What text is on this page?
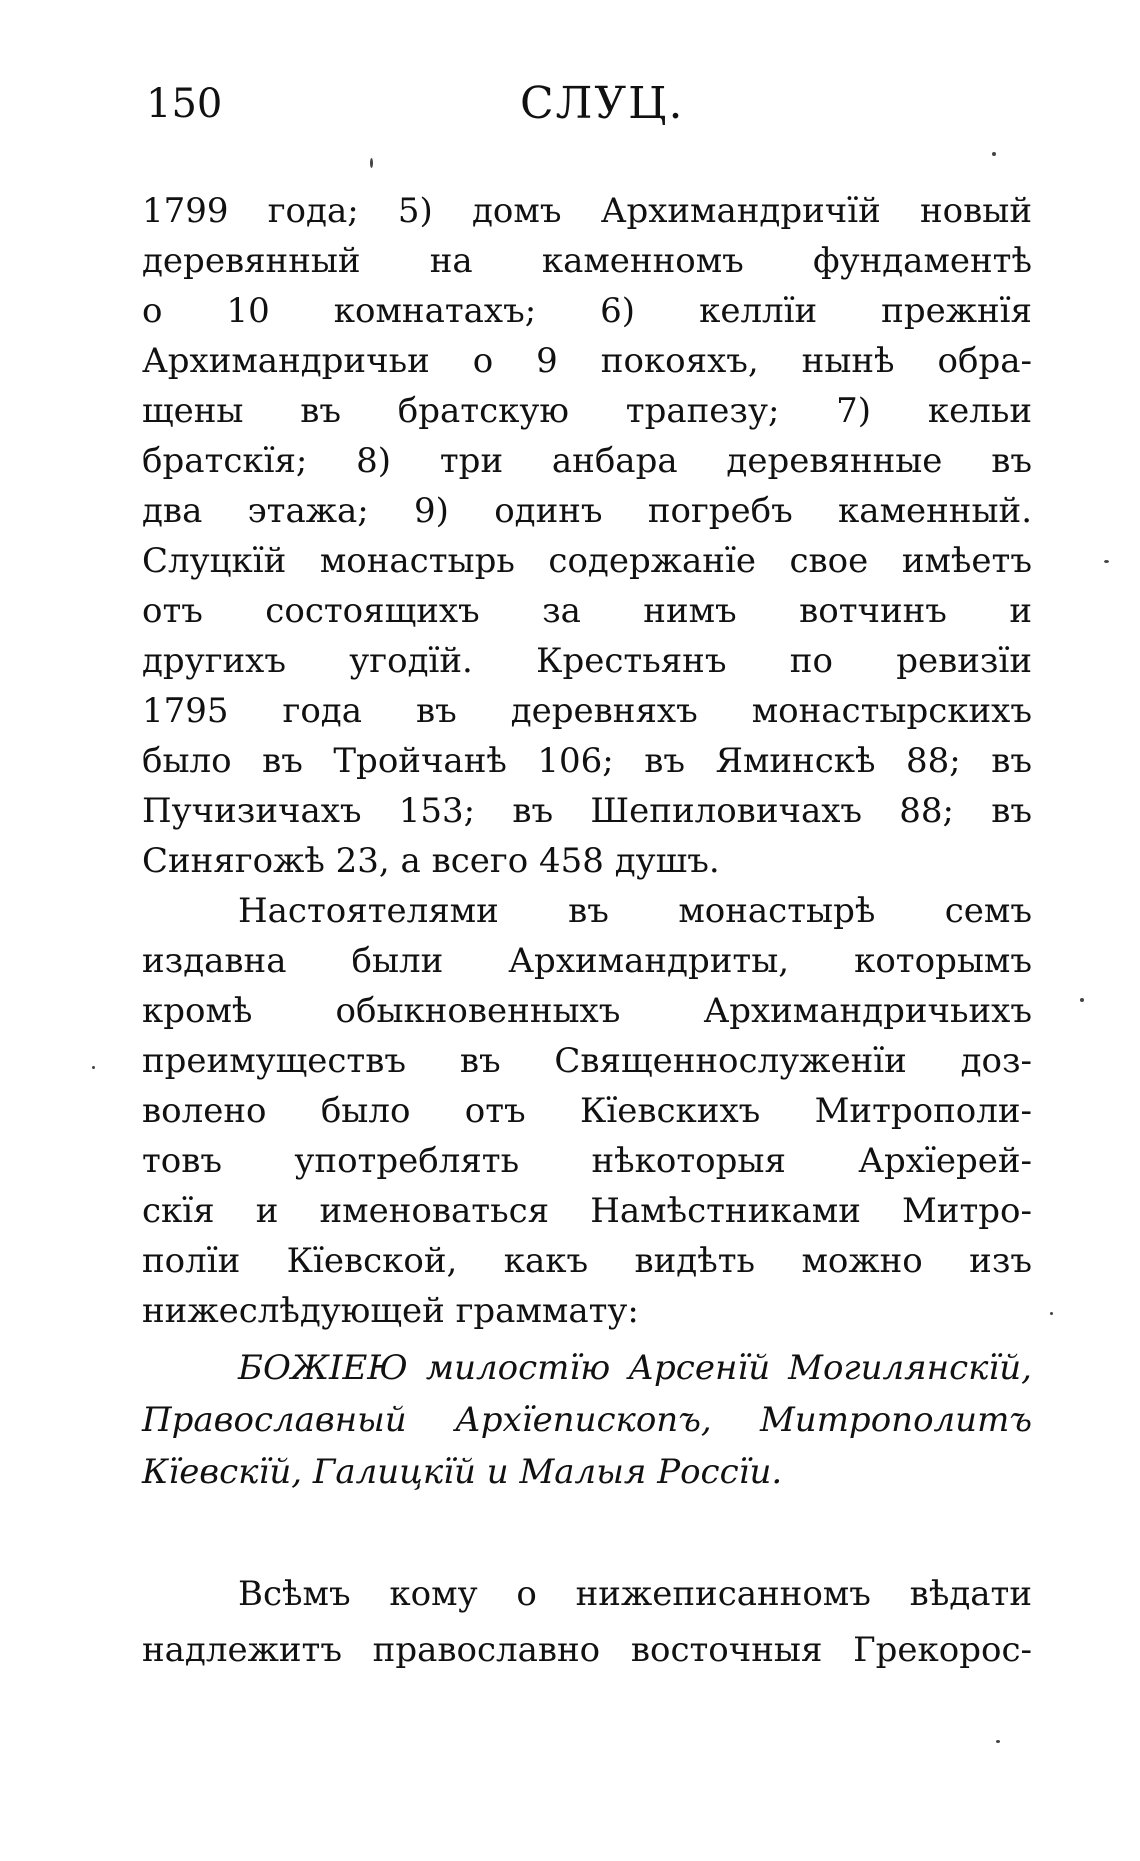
150	СЛУЦ.
1799 года; 5) домъ Архимандричїй новый
деревянный на каменномъ фундаментѣ
о 10 комнатахъ; 6) келлїи прежнїя
Архимандричьи о 9 покояхъ, нынѣ обра-
щены въ братскую трапезу; 7) кельи
братскїя; 8) три анбара деревянные въ
два этажа; 9) одинъ погребъ каменный.
Слуцкїй монастырь содержанїе свое имѣетъ
отъ состоящихъ за нимъ вотчинъ и
другихъ угодїй. Крестьянъ по ревизїи
1795 года въ деревняхъ монастырскихъ
было въ Тройчанѣ 106; въ Яминскѣ 88; въ
Пучизичахъ 153; въ Шепиловичахъ 88; въ
Синягожѣ 23, а всего 458 душъ.
Настоятелями въ монастырѣ семъ
издавна были Архимандриты, которымъ
кромѣ обыкновенныхъ Архимандричьихъ
преимуществъ въ Священнослуженїи доз-
волено было отъ Кїевскихъ Митрополи-
товъ употреблять нѣкоторыя Архїерей-
скїя и именоваться Намѣстниками Митро-
полїи Кїевской, какъ видѣть можно изъ
нижеслѣдующей граммату:
БОЖІЕЮ милостїю Арсенїй Могилянскїй,
Православный Архїепископъ, Митрополитъ
Кїевскїй, Галицкїй и Малыя Россїи.
Всѣмъ кому о нижеписанномъ вѣдати
надлежитъ православно восточныя Грекорос-
